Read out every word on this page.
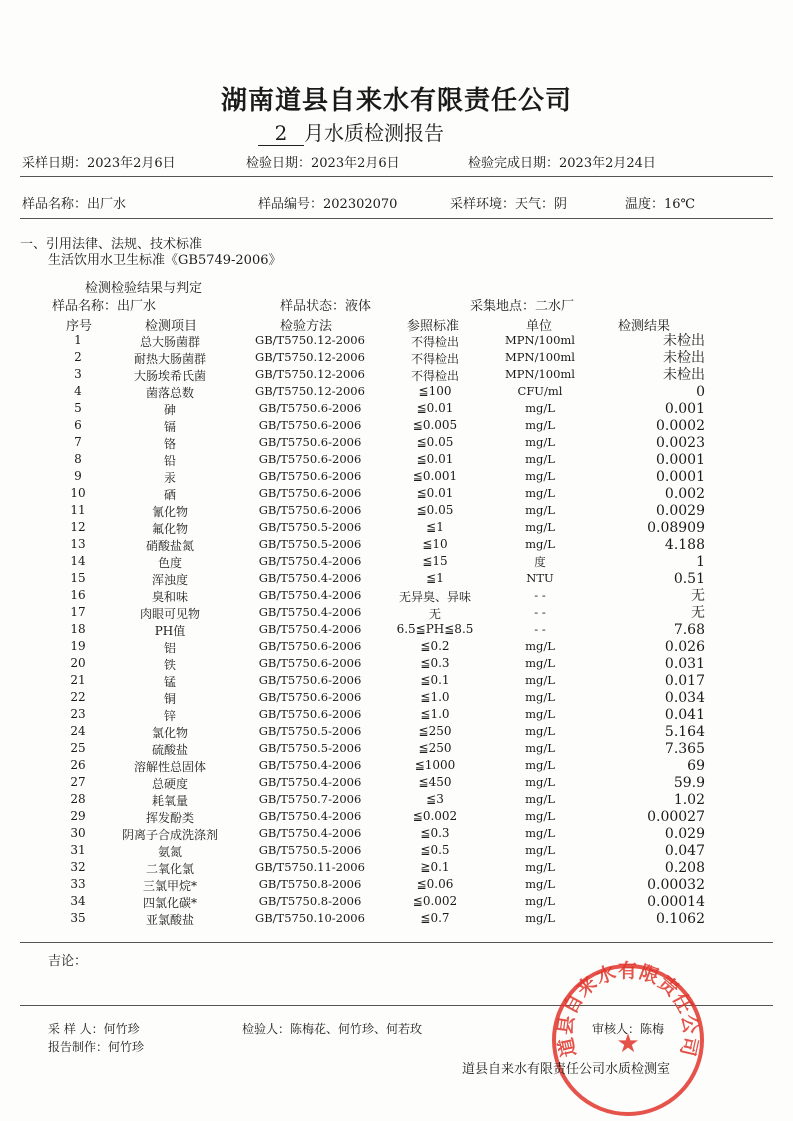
湖南道县自来水有限责任公司
2 月水质检测报告
采样日期：2023年2月6日	检验日期：2023年2月6日	检验完成日期：2023年2月24日
样品名称：出厂水	样品编号：202302070	采样环境：天气：阴	温度：16℃
一、引用法律、法规、技术标准
生活饮用水卫生标准《GB5749-2006》
检测检验结果与判定
样品名称：出厂水	样品状态：液体	采集地点：二水厂
序号	检测项目	检验方法	参照标准	单位	检测结果
1	总大肠菌群	GB/T5750.12-2006	不得检出	MPN/100ml	未检出
2	耐热大肠菌群	GB/T5750.12-2006	不得检出	MPN/100ml	未检出
3	大肠埃希氏菌	GB/T5750.12-2006	不得检出	MPN/100ml	未检出
4	菌落总数	GB/T5750.12-2006	≦100	CFU/ml	0
5	砷	GB/T5750.6-2006	≦0.01	mg/L	0.001
6	镉	GB/T5750.6-2006	≦0.005	mg/L	0.0002
7	铬	GB/T5750.6-2006	≦0.05	mg/L	0.0023
8	铅	GB/T5750.6-2006	≦0.01	mg/L	0.0001
9	汞	GB/T5750.6-2006	≦0.001	mg/L	0.0001
10	硒	GB/T5750.6-2006	≦0.01	mg/L	0.002
11	氰化物	GB/T5750.6-2006	≦0.05	mg/L	0.0029
12	氟化物	GB/T5750.5-2006	≦1	mg/L	0.08909
13	硝酸盐氮	GB/T5750.5-2006	≦10	mg/L	4.188
14	色度	GB/T5750.4-2006	≦15	度	1
15	浑浊度	GB/T5750.4-2006	≦1	NTU	0.51
16	臭和味	GB/T5750.4-2006	无异臭、异味	- -	无
17	肉眼可见物	GB/T5750.4-2006	无	- -	无
18	PH值	GB/T5750.4-2006	6.5≦PH≦8.5	- -	7.68
19	铝	GB/T5750.6-2006	≦0.2	mg/L	0.026
20	铁	GB/T5750.6-2006	≦0.3	mg/L	0.031
21	锰	GB/T5750.6-2006	≦0.1	mg/L	0.017
22	铜	GB/T5750.6-2006	≦1.0	mg/L	0.034
23	锌	GB/T5750.6-2006	≦1.0	mg/L	0.041
24	氯化物	GB/T5750.5-2006	≦250	mg/L	5.164
25	硫酸盐	GB/T5750.5-2006	≦250	mg/L	7.365
26	溶解性总固体	GB/T5750.4-2006	≦1000	mg/L	69
27	总硬度	GB/T5750.4-2006	≦450	mg/L	59.9
28	耗氧量	GB/T5750.7-2006	≦3	mg/L	1.02
29	挥发酚类	GB/T5750.4-2006	≦0.002	mg/L	0.00027
30	阴离子合成洗涤剂	GB/T5750.4-2006	≦0.3	mg/L	0.029
31	氨氮	GB/T5750.5-2006	≦0.5	mg/L	0.047
32	二氧化氯	GB/T5750.11-2006	≧0.1	mg/L	0.208
33	三氯甲烷*	GB/T5750.8-2006	≦0.06	mg/L	0.00032
34	四氯化碳*	GB/T5750.8-2006	≦0.002	mg/L	0.00014
35	亚氯酸盐	GB/T5750.10-2006	≦0.7	mg/L	0.1062
吉论：
道县自来水有限责任公司
★
采 样 人：何竹珍	检验人：陈梅花、何竹珍、何若玫	审核人：陈梅
报告制作：何竹珍
道县自来水有限责任公司水质检测室
